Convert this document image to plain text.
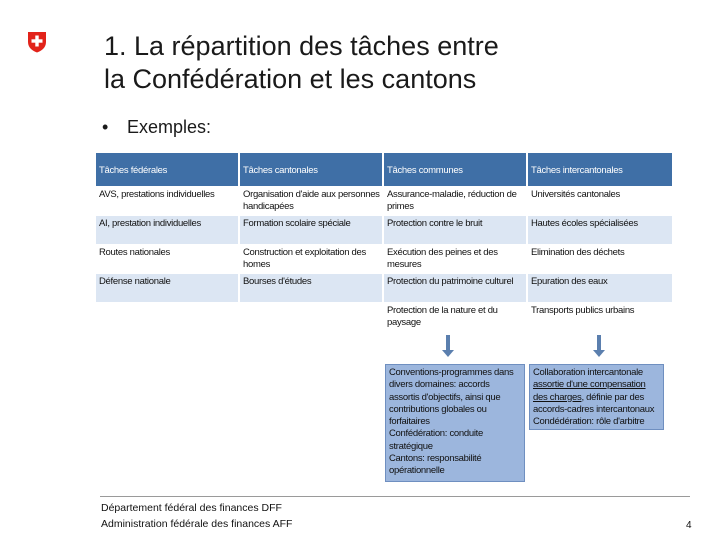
1. La répartition des tâches entre
la Confédération et les cantons
• Exemples:
Tâches fédérales
AVS, prestations individuelles
AI, prestation individuelles
Routes nationales
Défense nationale
Tâches cantonales
Organisation d'aide aux personnes handicapées
Formation scolaire spéciale
Construction et exploitation des homes
Bourses d'études
Tâches communes
Assurance-maladie, réduction de primes
Protection contre le bruit
Exécution des peines et des mesures
Protection du patrimoine culturel
Protection de la nature et du paysage
Tâches intercantonales
Universités cantonales
Hautes écoles spécialisées
Elimination des déchets
Epuration des eaux
Transports publics urbains
Conventions-programmes dans
divers domaines: accords
assortis d'objectifs, ainsi que
contributions globales ou
forfaitaires
Confédération: conduite
stratégique
Cantons: responsabilité
opérationnelle
Collaboration intercantonale
assortie d'une compensation
des charges, définie par des
accords-cadres intercantonaux
Condédération: rôle d'arbitre
Département fédéral des finances DFF
Administration fédérale des finances AFF	4
